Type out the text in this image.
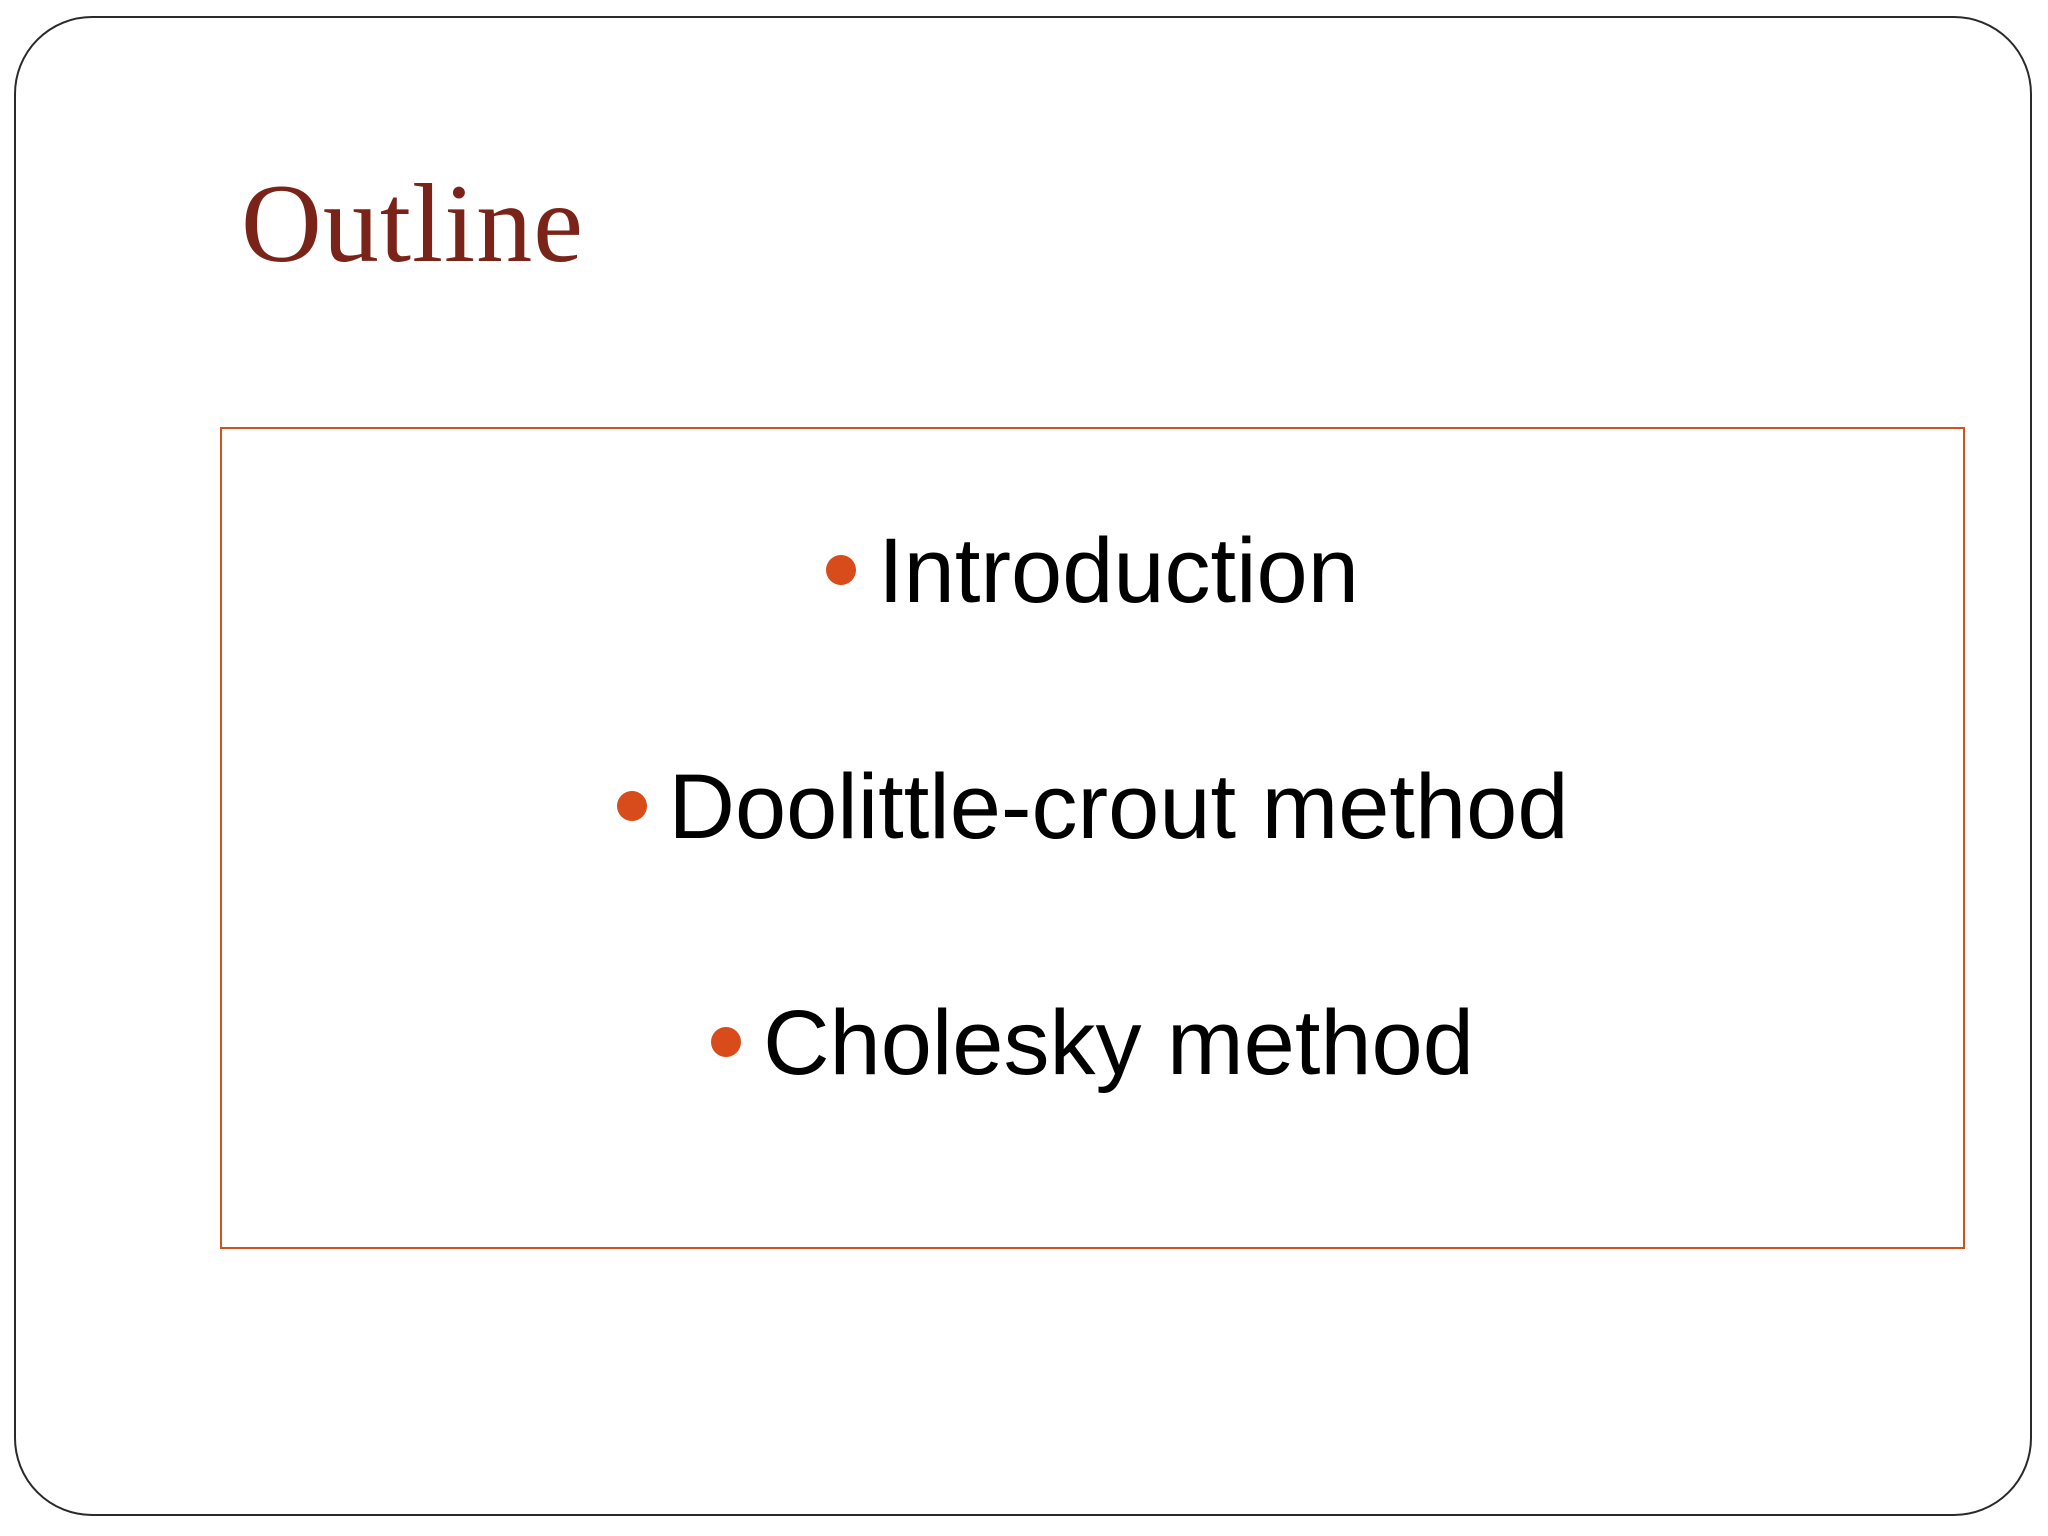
Outline
Introduction
Doolittle-crout method
Cholesky method
